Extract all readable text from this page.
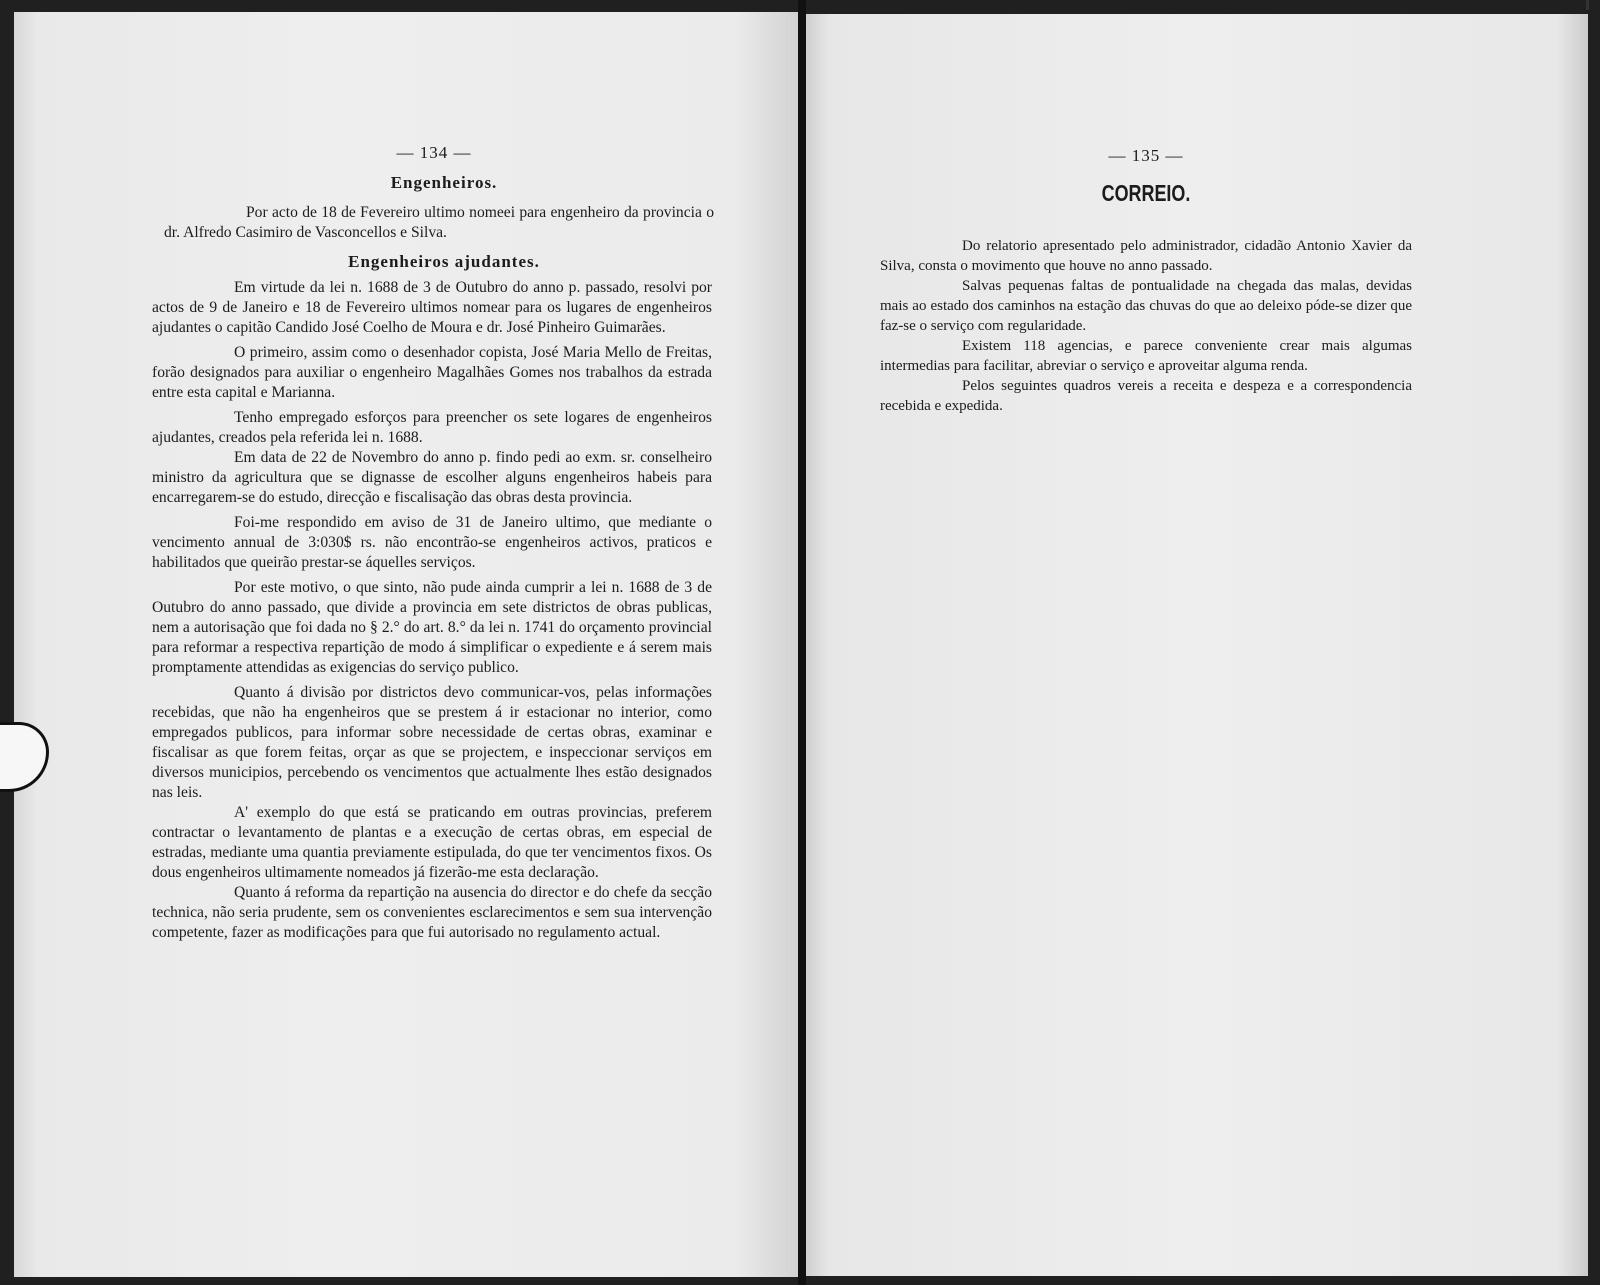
— 134 —
Engenheiros.

Por acto de 18 de Fevereiro ultimo nomeei para engenheiro da provincia o dr. Alfredo Casimiro de Vasconcellos e Silva.

Engenheiros ajudantes.

Em virtude da lei n. 1688 de 3 de Outubro do anno p. passado, resolvi por actos de 9 de Janeiro e 18 de Fevereiro ultimos nomear para os lugares de engenheiros ajudantes o capitão Candido José Coelho de Moura e dr. José Pinheiro Guimarães.

O primeiro, assim como o desenhador copista, José Maria Mello de Freitas, forão designados para auxiliar o engenheiro Magalhães Gomes nos trabalhos da estrada entre esta capital e Marianna.

Tenho empregado esforços para preencher os sete logares de engenheiros ajudantes, creados pela referida lei n. 1688.

Em data de 22 de Novembro do anno p. findo pedi ao exm. sr. conselheiro ministro da agricultura que se dignasse de escolher alguns engenheiros habeis para encarregarem-se do estudo, direcção e fiscalisação das obras desta provincia.

Foi-me respondido em aviso de 31 de Janeiro ultimo, que mediante o vencimento annual de 3:030$ rs. não encontrão-se engenheiros activos, praticos e habilitados que queirão prestar-se áquelles serviços.

Por este motivo, o que sinto, não pude ainda cumprir a lei n. 1688 de 3 de Outubro do anno passado, que divide a provincia em sete districtos de obras publicas, nem a autorisação que foi dada no § 2.° do art. 8.° da lei n. 1741 do orçamento provincial para reformar a respectiva repartição de modo á simplificar o expediente e á serem mais promptamente attendidas as exigencias do serviço publico.

Quanto á divisão por districtos devo communicar-vos, pelas informações recebidas, que não ha engenheiros que se prestem á ir estacionar no interior, como empregados publicos, para informar sobre necessidade de certas obras, examinar e fiscalisar as que forem feitas, orçar as que se projectem, e inspeccionar serviços em diversos municipios, percebendo os vencimentos que actualmente lhes estão designados nas leis.

A' exemplo do que está se praticando em outras provincias, preferem contractar o levantamento de plantas e a execução de certas obras, em especial de estradas, mediante uma quantia previamente estipulada, do que ter vencimentos fixos. Os dous engenheiros ultimamente nomeados já fizerão-me esta declaração.

Quanto á reforma da repartição na ausencia do director e do chefe da secção technica, não seria prudente, sem os convenientes esclarecimentos e sem sua intervenção competente, fazer as modificações para que fui autorisado no regulamento actual.

— 135 —
CORREIO.

Do relatorio apresentado pelo administrador, cidadão Antonio Xavier da Silva, consta o movimento que houve no anno passado.

Salvas pequenas faltas de pontualidade na chegada das malas, devidas mais ao estado dos caminhos na estação das chuvas do que ao deleixo póde-se dizer que faz-se o serviço com regularidade.

Existem 118 agencias, e parece conveniente crear mais algumas intermedias para facilitar, abreviar o serviço e aproveitar alguma renda.

Pelos seguintes quadros vereis a receita e despeza e a correspondencia recebida e expedida.
